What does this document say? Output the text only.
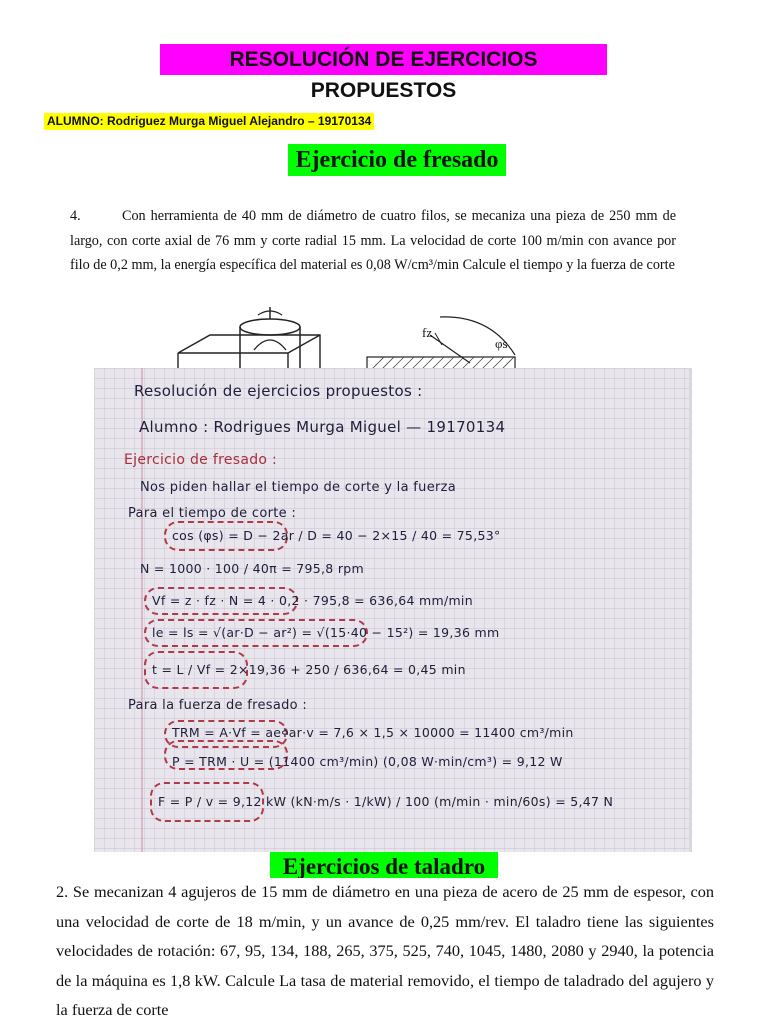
RESOLUCIÓN DE EJERCICIOS PROPUESTOS
ALUMNO: Rodriguez Murga Miguel Alejandro – 19170134
Ejercicio de fresado
4.	Con herramienta de 40 mm de diámetro de cuatro filos, se mecaniza una pieza de 250 mm de largo, con corte axial de 76 mm y corte radial 15 mm. La velocidad de corte 100 m/min con avance por filo de 0,2 mm, la energía específica del material es 0,08 W/cm³/min Calcule el tiempo y la fuerza de corte
fz
φs
Resolución de ejercicios propuestos :
Alumno : Rodrigues Murga Miguel — 19170134
Ejercicio de fresado :
Nos piden hallar el tiempo de corte y la fuerza
Para el tiempo de corte :
cos (φs) = D − 2ar / D = 40 − 2×15 / 40 = 75,53°
N = 1000 · 100 / 40π = 795,8 rpm
Vf = z · fz · N = 4 · 0,2 · 795,8 = 636,64 mm/min
le = ls = √(ar·D − ar²) = √(15·40 − 15²) = 19,36 mm
t = L / Vf = 2×19,36 + 250 / 636,64 = 0,45 min
Para la fuerza de fresado :
TRM = A·Vf = aeߦar·v = 7,6 × 1,5 × 10000 = 11400 cm³/min
P = TRM · U = (11400 cm³/min) (0,08 W·min/cm³) = 9,12 W
F = P / v = 9,12 kW (kN·m/s · 1/kW) / 100 (m/min · min/60s) = 5,47 N
Ejercicios de taladro
2. Se mecanizan 4 agujeros de 15 mm de diámetro en una pieza de acero de 25 mm de espesor, con una velocidad de corte de 18 m/min, y un avance de 0,25 mm/rev. El taladro tiene las siguientes velocidades de rotación: 67, 95, 134, 188, 265, 375, 525, 740, 1045, 1480, 2080 y 2940, la potencia de la máquina es 1,8 kW. Calcule La tasa de material removido, el tiempo de taladrado del agujero y la fuerza de corte
